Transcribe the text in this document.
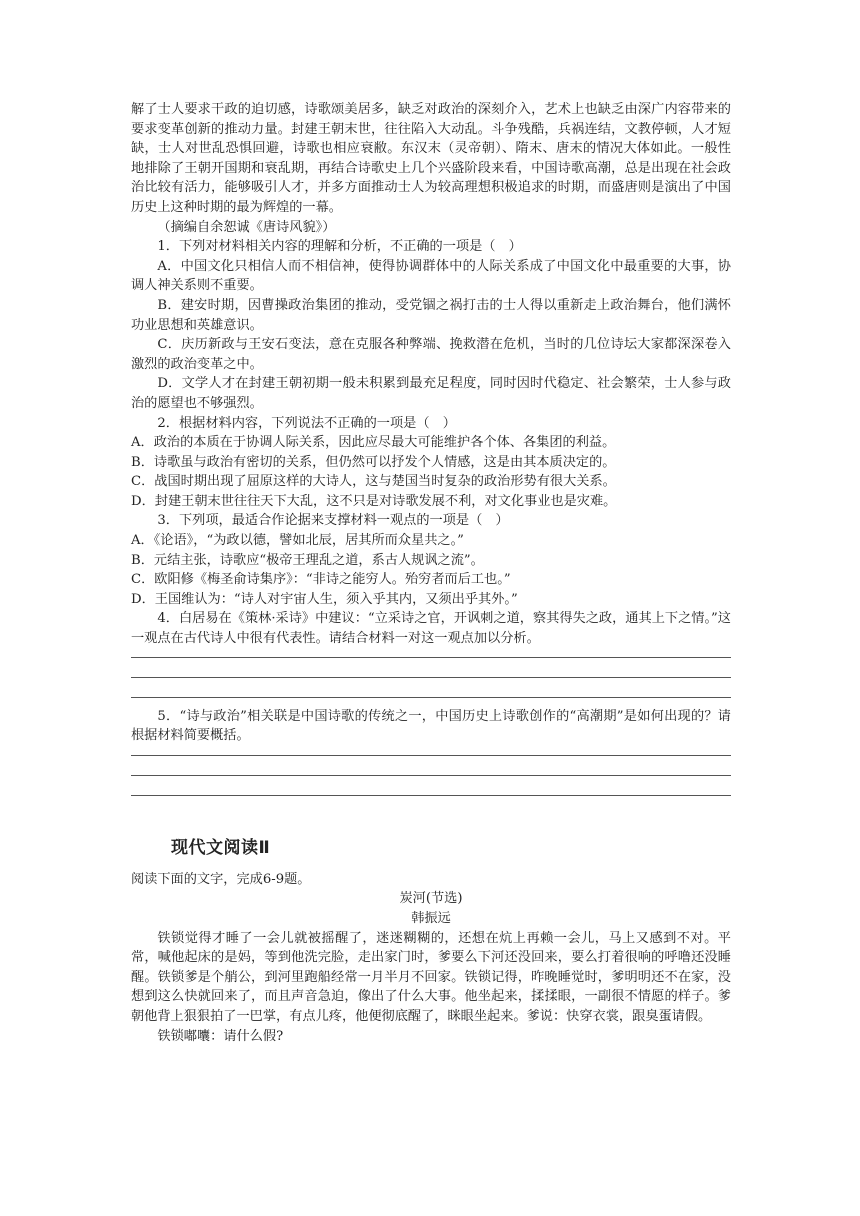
解了士人要求干政的迫切感，诗歌颂美居多，缺乏对政治的深刻介入，艺术上也缺乏由深广内容带来的要求变革创新的推动力量。封建王朝末世，往往陷入大动乱。斗争残酷，兵祸连结，文教停顿，人才短缺，士人对世乱恐惧回避，诗歌也相应衰敝。东汉末（灵帝朝）、隋末、唐末的情况大体如此。一般性地排除了王朝开国期和衰乱期，再结合诗歌史上几个兴盛阶段来看，中国诗歌高潮，总是出现在社会政治比较有活力，能够吸引人才，并多方面推动士人为较高理想积极追求的时期，而盛唐则是演出了中国历史上这种时期的最为辉煌的一幕。

（摘编自余恕诚《唐诗风貌》）

1．下列对材料相关内容的理解和分析，不正确的一项是（　）

A．中国文化只相信人而不相信神，使得协调群体中的人际关系成了中国文化中最重要的大事，协调人神关系则不重要。

B．建安时期，因曹操政治集团的推动，受党锢之祸打击的士人得以重新走上政治舞台，他们满怀功业思想和英雄意识。

C．庆历新政与王安石变法，意在克服各种弊端、挽救潜在危机，当时的几位诗坛大家都深深卷入激烈的政治变革之中。

D．文学人才在封建王朝初期一般未积累到最充足程度，同时因时代稳定、社会繁荣，士人参与政治的愿望也不够强烈。

2．根据材料内容，下列说法不正确的一项是（　）

A．政治的本质在于协调人际关系，因此应尽最大可能维护各个体、各集团的利益。

B．诗歌虽与政治有密切的关系，但仍然可以抒发个人情感，这是由其本质决定的。

C．战国时期出现了屈原这样的大诗人，这与楚国当时复杂的政治形势有很大关系。

D．封建王朝末世往往天下大乱，这不只是对诗歌发展不利，对文化事业也是灾难。

3．下列项，最适合作论据来支撑材料一观点的一项是（　）

A．《论语》，“为政以德，譬如北辰，居其所而众星共之。”

B．元结主张，诗歌应“极帝王理乱之道，系古人规讽之流”。

C．欧阳修《梅圣俞诗集序》：“非诗之能穷人。殆穷者而后工也。”

D．王国维认为：“诗人对宇宙人生，须入乎其内，又须出乎其外。”

4．白居易在《策林·采诗》中建议：“立采诗之官，开讽刺之道，察其得失之政，通其上下之情。”这一观点在古代诗人中很有代表性。请结合材料一对这一观点加以分析。

5．“诗与政治”相关联是中国诗歌的传统之一，中国历史上诗歌创作的“高潮期”是如何出现的？请根据材料简要概括。

现代文阅读Ⅱ

阅读下面的文字，完成6-9题。

炭河(节选)

韩振远

铁锁觉得才睡了一会儿就被摇醒了，迷迷糊糊的，还想在炕上再赖一会儿，马上又感到不对。平常，喊他起床的是妈，等到他洗完脸，走出家门时，爹要么下河还没回来，要么打着很响的呼噜还没睡醒。铁锁爹是个艄公，到河里跑船经常一月半月不回家。铁锁记得，昨晚睡觉时，爹明明还不在家，没想到这么快就回来了，而且声音急迫，像出了什么大事。他坐起来，揉揉眼，一副很不情愿的样子。爹朝他背上狠狠拍了一巴掌，有点儿疼，他便彻底醒了，眯眼坐起来。爹说：快穿衣裳，跟臭蛋请假。

铁锁嘟囔：请什么假?
